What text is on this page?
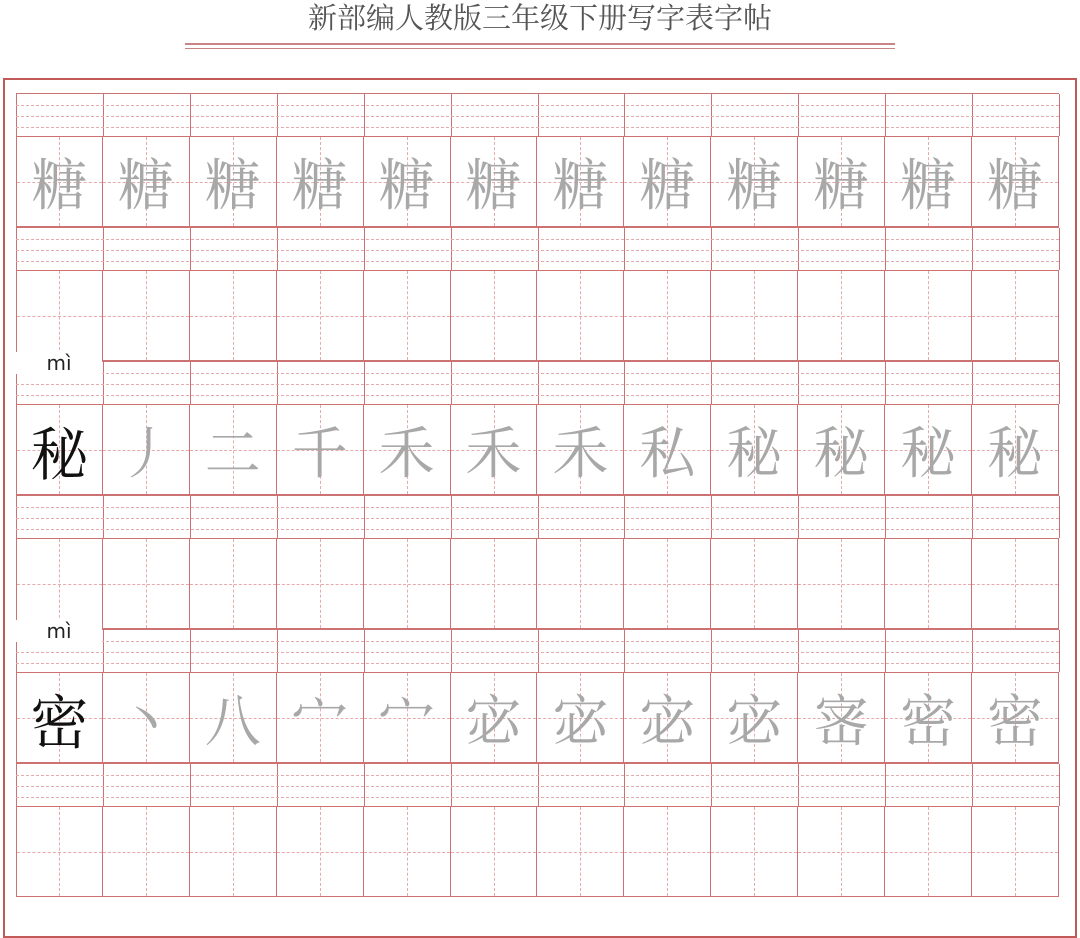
新部编人教版三年级下册写字表字帖
糖 糖 糖 糖 糖 糖 糖 糖 糖 糖 糖 糖
mì
秘 丿 二 千 禾 禾 禾 私 秘 秘 秘 秘
mì
密 丶 八 宀 宀 宓 宓 宓 宓 宻 密 密
